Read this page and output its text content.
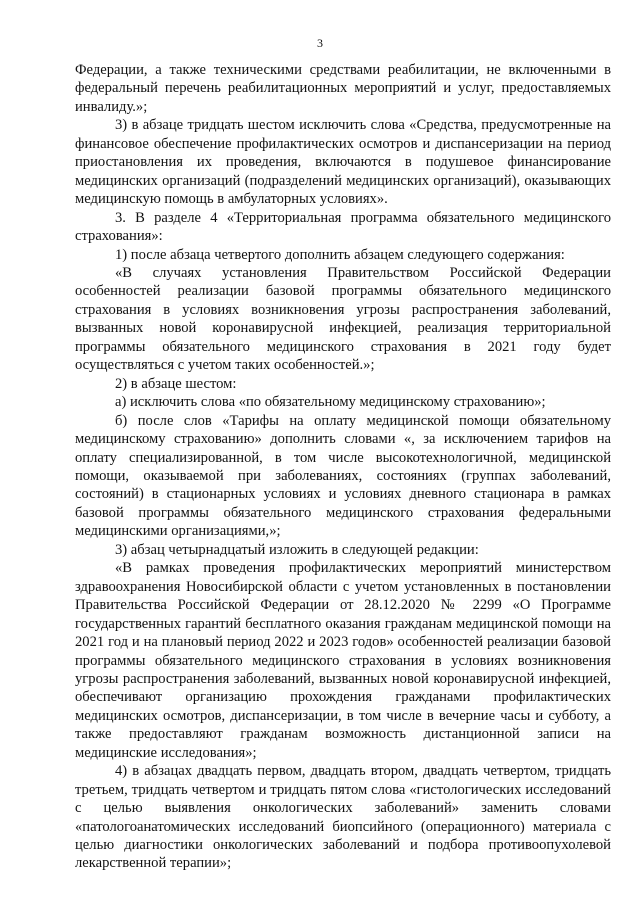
3

Федерации, а также техническими средствами реабилитации, не включенными в федеральный перечень реабилитационных мероприятий и услуг, предоставляемых инвалиду.»;

3) в абзаце тридцать шестом исключить слова «Средства, предусмотренные на финансовое обеспечение профилактических осмотров и диспансеризации на период приостановления их проведения, включаются в подушевое финансирование медицинских организаций (подразделений медицинских организаций), оказывающих медицинскую помощь в амбулаторных условиях».

3. В разделе 4 «Территориальная программа обязательного медицинского страхования»:

1) после абзаца четвертого дополнить абзацем следующего содержания:

«В случаях установления Правительством Российской Федерации особенностей реализации базовой программы обязательного медицинского страхования в условиях возникновения угрозы распространения заболеваний, вызванных новой коронавирусной инфекцией, реализация территориальной программы обязательного медицинского страхования в 2021 году будет осуществляться с учетом таких особенностей.»;

2) в абзаце шестом:

а) исключить слова «по обязательному медицинскому страхованию»;

б) после слов «Тарифы на оплату медицинской помощи обязательному медицинскому страхованию» дополнить словами «, за исключением тарифов на оплату специализированной, в том числе высокотехнологичной, медицинской помощи, оказываемой при заболеваниях, состояниях (группах заболеваний, состояний) в стационарных условиях и условиях дневного стационара в рамках базовой программы обязательного медицинского страхования федеральными медицинскими организациями,»;

3) абзац четырнадцатый изложить в следующей редакции:

«В рамках проведения профилактических мероприятий министерством здравоохранения Новосибирской области с учетом установленных в постановлении Правительства Российской Федерации от 28.12.2020 № 2299 «О Программе государственных гарантий бесплатного оказания гражданам медицинской помощи на 2021 год и на плановый период 2022 и 2023 годов» особенностей реализации базовой программы обязательного медицинского страхования в условиях возникновения угрозы распространения заболеваний, вызванных новой коронавирусной инфекцией, обеспечивают организацию прохождения гражданами профилактических медицинских осмотров, диспансеризации, в том числе в вечерние часы и субботу, а также предоставляют гражданам возможность дистанционной записи на медицинские исследования»;

4) в абзацах двадцать первом, двадцать втором, двадцать четвертом, тридцать третьем, тридцать четвертом и тридцать пятом слова «гистологических исследований с целью выявления онкологических заболеваний» заменить словами «патологоанатомических исследований биопсийного (операционного) материала с целью диагностики онкологических заболеваний и подбора противоопухолевой лекарственной терапии»;
